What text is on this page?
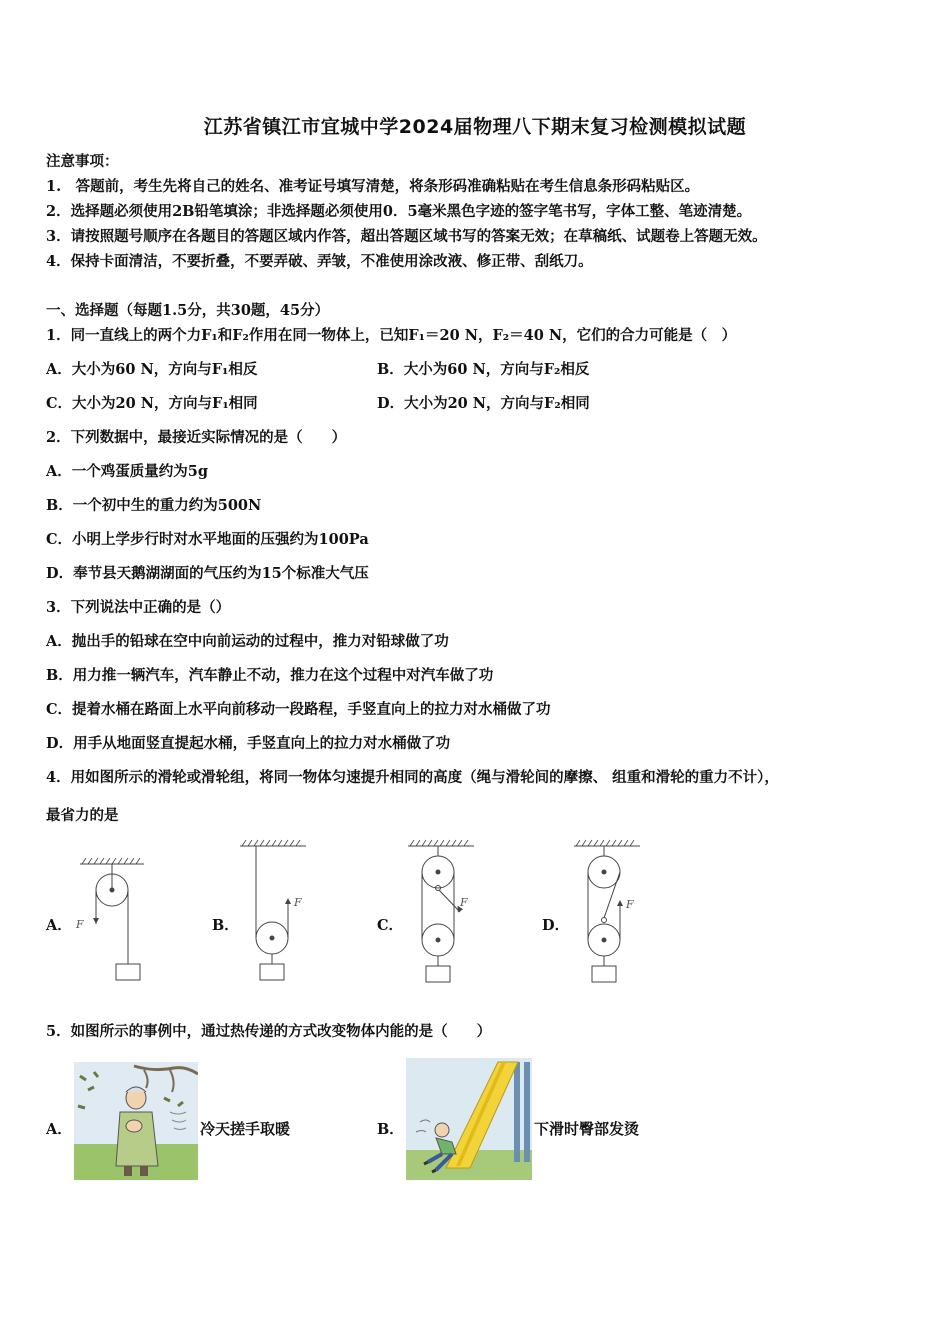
江苏省镇江市宜城中学2024届物理八下期末复习检测模拟试题
注意事项：
1.　答题前，考生先将自己的姓名、准考证号填写清楚，将条形码准确粘贴在考生信息条形码粘贴区。
2．选择题必须使用2B铅笔填涂；非选择题必须使用0．5毫米黑色字迹的签字笔书写，字体工整、笔迹清楚。
3．请按照题号顺序在各题目的答题区域内作答，超出答题区域书写的答案无效；在草稿纸、试题卷上答题无效。
4．保持卡面清洁，不要折叠，不要弄破、弄皱，不准使用涂改液、修正带、刮纸刀。
一、选择题（每题1.5分，共30题，45分）
1．同一直线上的两个力F₁和F₂作用在同一物体上，已知F₁＝20 N，F₂＝40 N，它们的合力可能是（　）
A．大小为60 N，方向与F₁相反	B．大小为60 N，方向与F₂相反
C．大小为20 N，方向与F₁相同	D．大小为20 N，方向与F₂相同
2．下列数据中，最接近实际情况的是（　　）
A．一个鸡蛋质量约为5g
B．一个初中生的重力约为500N
C．小明上学步行时对水平地面的压强约为100Pa
D．奉节县天鹅湖湖面的气压约为15个标准大气压
3．下列说法中正确的是（）
A．抛出手的铅球在空中向前运动的过程中，推力对铅球做了功
B．用力推一辆汽车，汽车静止不动，推力在这个过程中对汽车做了功
C．提着水桶在路面上水平向前移动一段路程，手竖直向上的拉力对水桶做了功
D．用手从地面竖直提起水桶，手竖直向上的拉力对水桶做了功
4．用如图所示的滑轮或滑轮组，将同一物体匀速提升相同的高度（绳与滑轮间的摩擦、 组重和滑轮的重力不计），
最省力的是
A．	B．	C．	D．
F
F	F	F
5．如图所示的事例中，通过热传递的方式改变物体内能的是（　　）
A．	冷天搓手取暖	B．	下滑时臀部发烫
